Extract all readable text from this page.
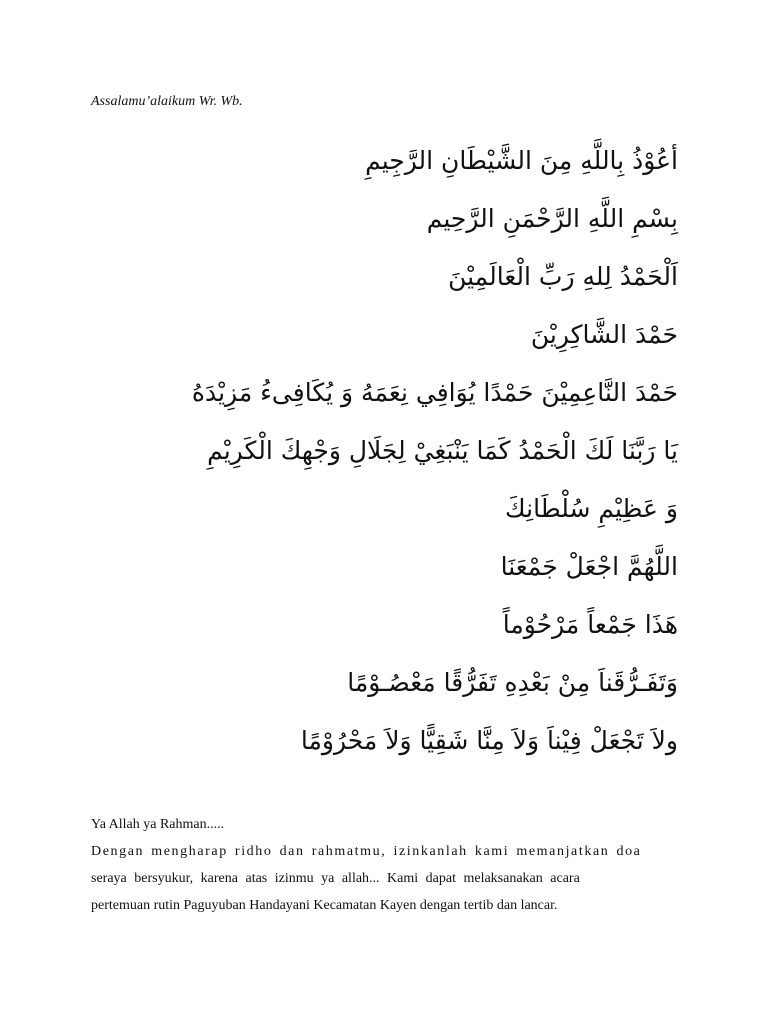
Assalamu’alaikum Wr. Wb.
أعُوْذُ بِاللَّهِ مِنَ الشَّيْطَانِ الرَّجِيمِ
بِسْمِ اللَّهِ الرَّحْمَنِ الرَّحِيم
اَلْحَمْدُ لِلهِ رَبِّ الْعَالَمِيْنَ
حَمْدَ الشَّاكِرِيْنَ
حَمْدَ النَّاعِمِيْنَ حَمْدًا يُوَافِي نِعَمَهُ وَ يُكَافِىءُ مَزِيْدَهُ
يَا رَبَّنَا لَكَ الْحَمْدُ كَمَا يَنْبَغِيْ لِجَلَالِ وَجْهِكَ الْكَرِيْمِ
وَ عَظِيْمِ سُلْطَانِكَ
اللَّهُمَّ اجْعَلْ جَمْعَنَا
هَذَا جَمْعاً مَرْحُوْماً
وَتَفَـرُّقَناَ مِنْ بَعْدِهِ تَفَرُّقًا مَعْصُـوْمًا
ولاَ تَجْعَلْ فِيْناَ وَلاَ مِنَّا شَقِيًّا وَلاَ مَحْرُوْمًا
Ya Allah ya Rahman.....
Dengan mengharap ridho dan rahmatmu, izinkanlah kami memanjatkan doa
seraya bersyukur, karena atas izinmu ya allah... Kami dapat melaksanakan acara
pertemuan rutin Paguyuban Handayani Kecamatan Kayen dengan tertib dan lancar.
